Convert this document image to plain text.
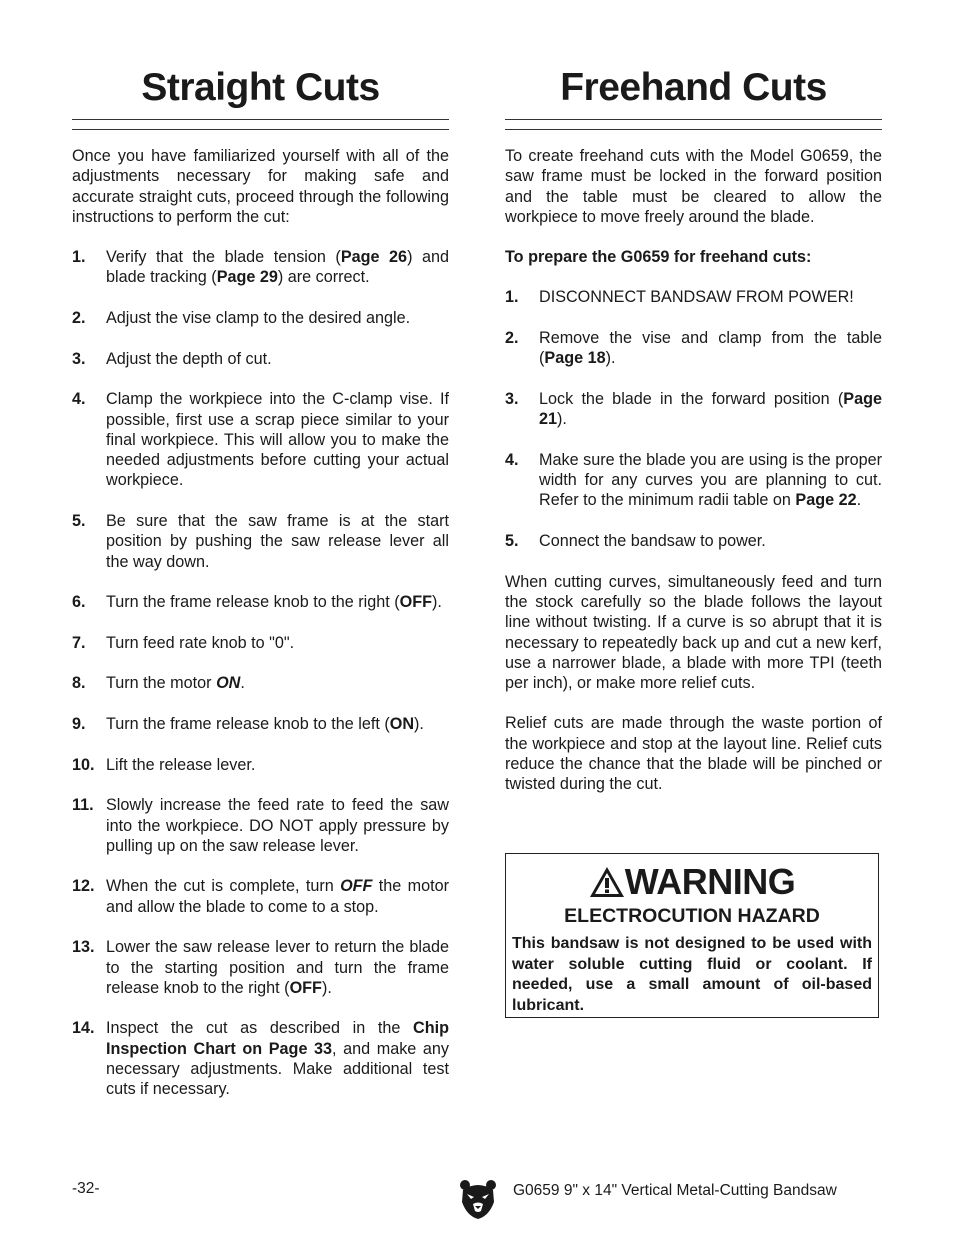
Straight Cuts

Once you have familiarized yourself with all of the adjustments necessary for making safe and accurate straight cuts, proceed through the following instructions to perform the cut:

1.	Verify that the blade tension (Page 26) and blade tracking (Page 29) are correct.
2.	Adjust the vise clamp to the desired angle.
3.	Adjust the depth of cut.
4.	Clamp the workpiece into the C-clamp vise. If possible, first use a scrap piece similar to your final workpiece. This will allow you to make the needed adjustments before cutting your actual workpiece.
5.	Be sure that the saw frame is at the start position by pushing the saw release lever all the way down.
6.	Turn the frame release knob to the right (OFF).
7.	Turn feed rate knob to "0".
8.	Turn the motor ON.
9.	Turn the frame release knob to the left (ON).
10. Lift the release lever.
11. Slowly increase the feed rate to feed the saw into the workpiece. DO NOT apply pressure by pulling up on the saw release lever.
12. When the cut is complete, turn OFF the motor and allow the blade to come to a stop.
13. Lower the saw release lever to return the blade to the starting position and turn the frame release knob to the right (OFF).
14. Inspect the cut as described in the Chip Inspection Chart on Page 33, and make any necessary adjustments. Make additional test cuts if necessary.
Freehand Cuts

To create freehand cuts with the Model G0659, the saw frame must be locked in the forward position and the table must be cleared to allow the workpiece to move freely around the blade.

To prepare the G0659 for freehand cuts:
1.	DISCONNECT BANDSAW FROM POWER!
2.	Remove the vise and clamp from the table (Page 18).
3.	Lock the blade in the forward position (Page 21).
4.	Make sure the blade you are using is the proper width for any curves you are planning to cut. Refer to the minimum radii table on Page 22.
5.	Connect the bandsaw to power.

When cutting curves, simultaneously feed and turn the stock carefully so the blade follows the layout line without twisting. If a curve is so abrupt that it is necessary to repeatedly back up and cut a new kerf, use a narrower blade, a blade with more TPI (teeth per inch), or make more relief cuts.

Relief cuts are made through the waste portion of the workpiece and stop at the layout line. Relief cuts reduce the chance that the blade will be pinched or twisted during the cut.

WARNING
ELECTROCUTION HAZARD
This bandsaw is not designed to be used with water soluble cutting fluid or coolant. If needed, use a small amount of oil-based lubricant.
-32-	G0659 9" x 14" Vertical Metal-Cutting Bandsaw
